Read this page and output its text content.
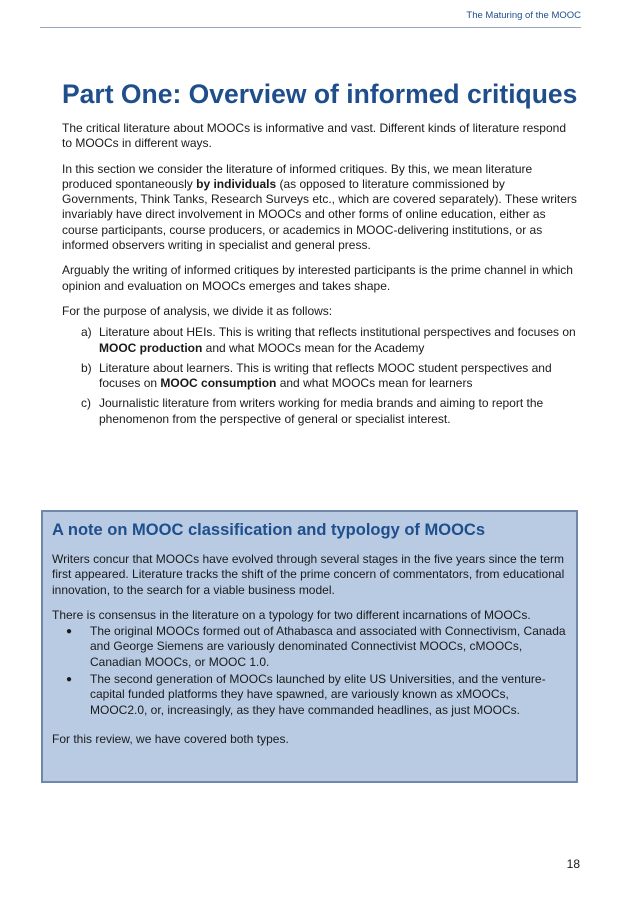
The Maturing of the MOOC
Part One: Overview of informed critiques

The critical literature about MOOCs is informative and vast. Different kinds of literature respond to MOOCs in different ways.

In this section we consider the literature of informed critiques. By this, we mean literature produced spontaneously by individuals (as opposed to literature commissioned by Governments, Think Tanks, Research Surveys etc., which are covered separately). These writers invariably have direct involvement in MOOCs and other forms of online education, either as course participants, course producers, or academics in MOOC-delivering institutions, or as informed observers writing in specialist and general press.

Arguably the writing of informed critiques by interested participants is the prime channel in which opinion and evaluation on MOOCs emerges and takes shape.

For the purpose of analysis, we divide it as follows:

a) Literature about HEIs. This is writing that reflects institutional perspectives and focuses on MOOC production and what MOOCs mean for the Academy
b) Literature about learners. This is writing that reflects MOOC student perspectives and focuses on MOOC consumption and what MOOCs mean for learners
c) Journalistic literature from writers working for media brands and aiming to report the phenomenon from the perspective of general or specialist interest.
A note on MOOC classification and typology of MOOCs

Writers concur that MOOCs have evolved through several stages in the five years since the term first appeared. Literature tracks the shift of the prime concern of commentators, from educational innovation, to the search for a viable business model.

There is consensus in the literature on a typology for two different incarnations of MOOCs.

● The original MOOCs formed out of Athabasca and associated with Connectivism, Canada and George Siemens are variously denominated Connectivist MOOCs, cMOOCs, Canadian MOOCs, or MOOC 1.0.
● The second generation of MOOCs launched by elite US Universities, and the venture-capital funded platforms they have spawned, are variously known as xMOOCs, MOOC2.0, or, increasingly, as they have commanded headlines, as just MOOCs.

For this review, we have covered both types.

18
